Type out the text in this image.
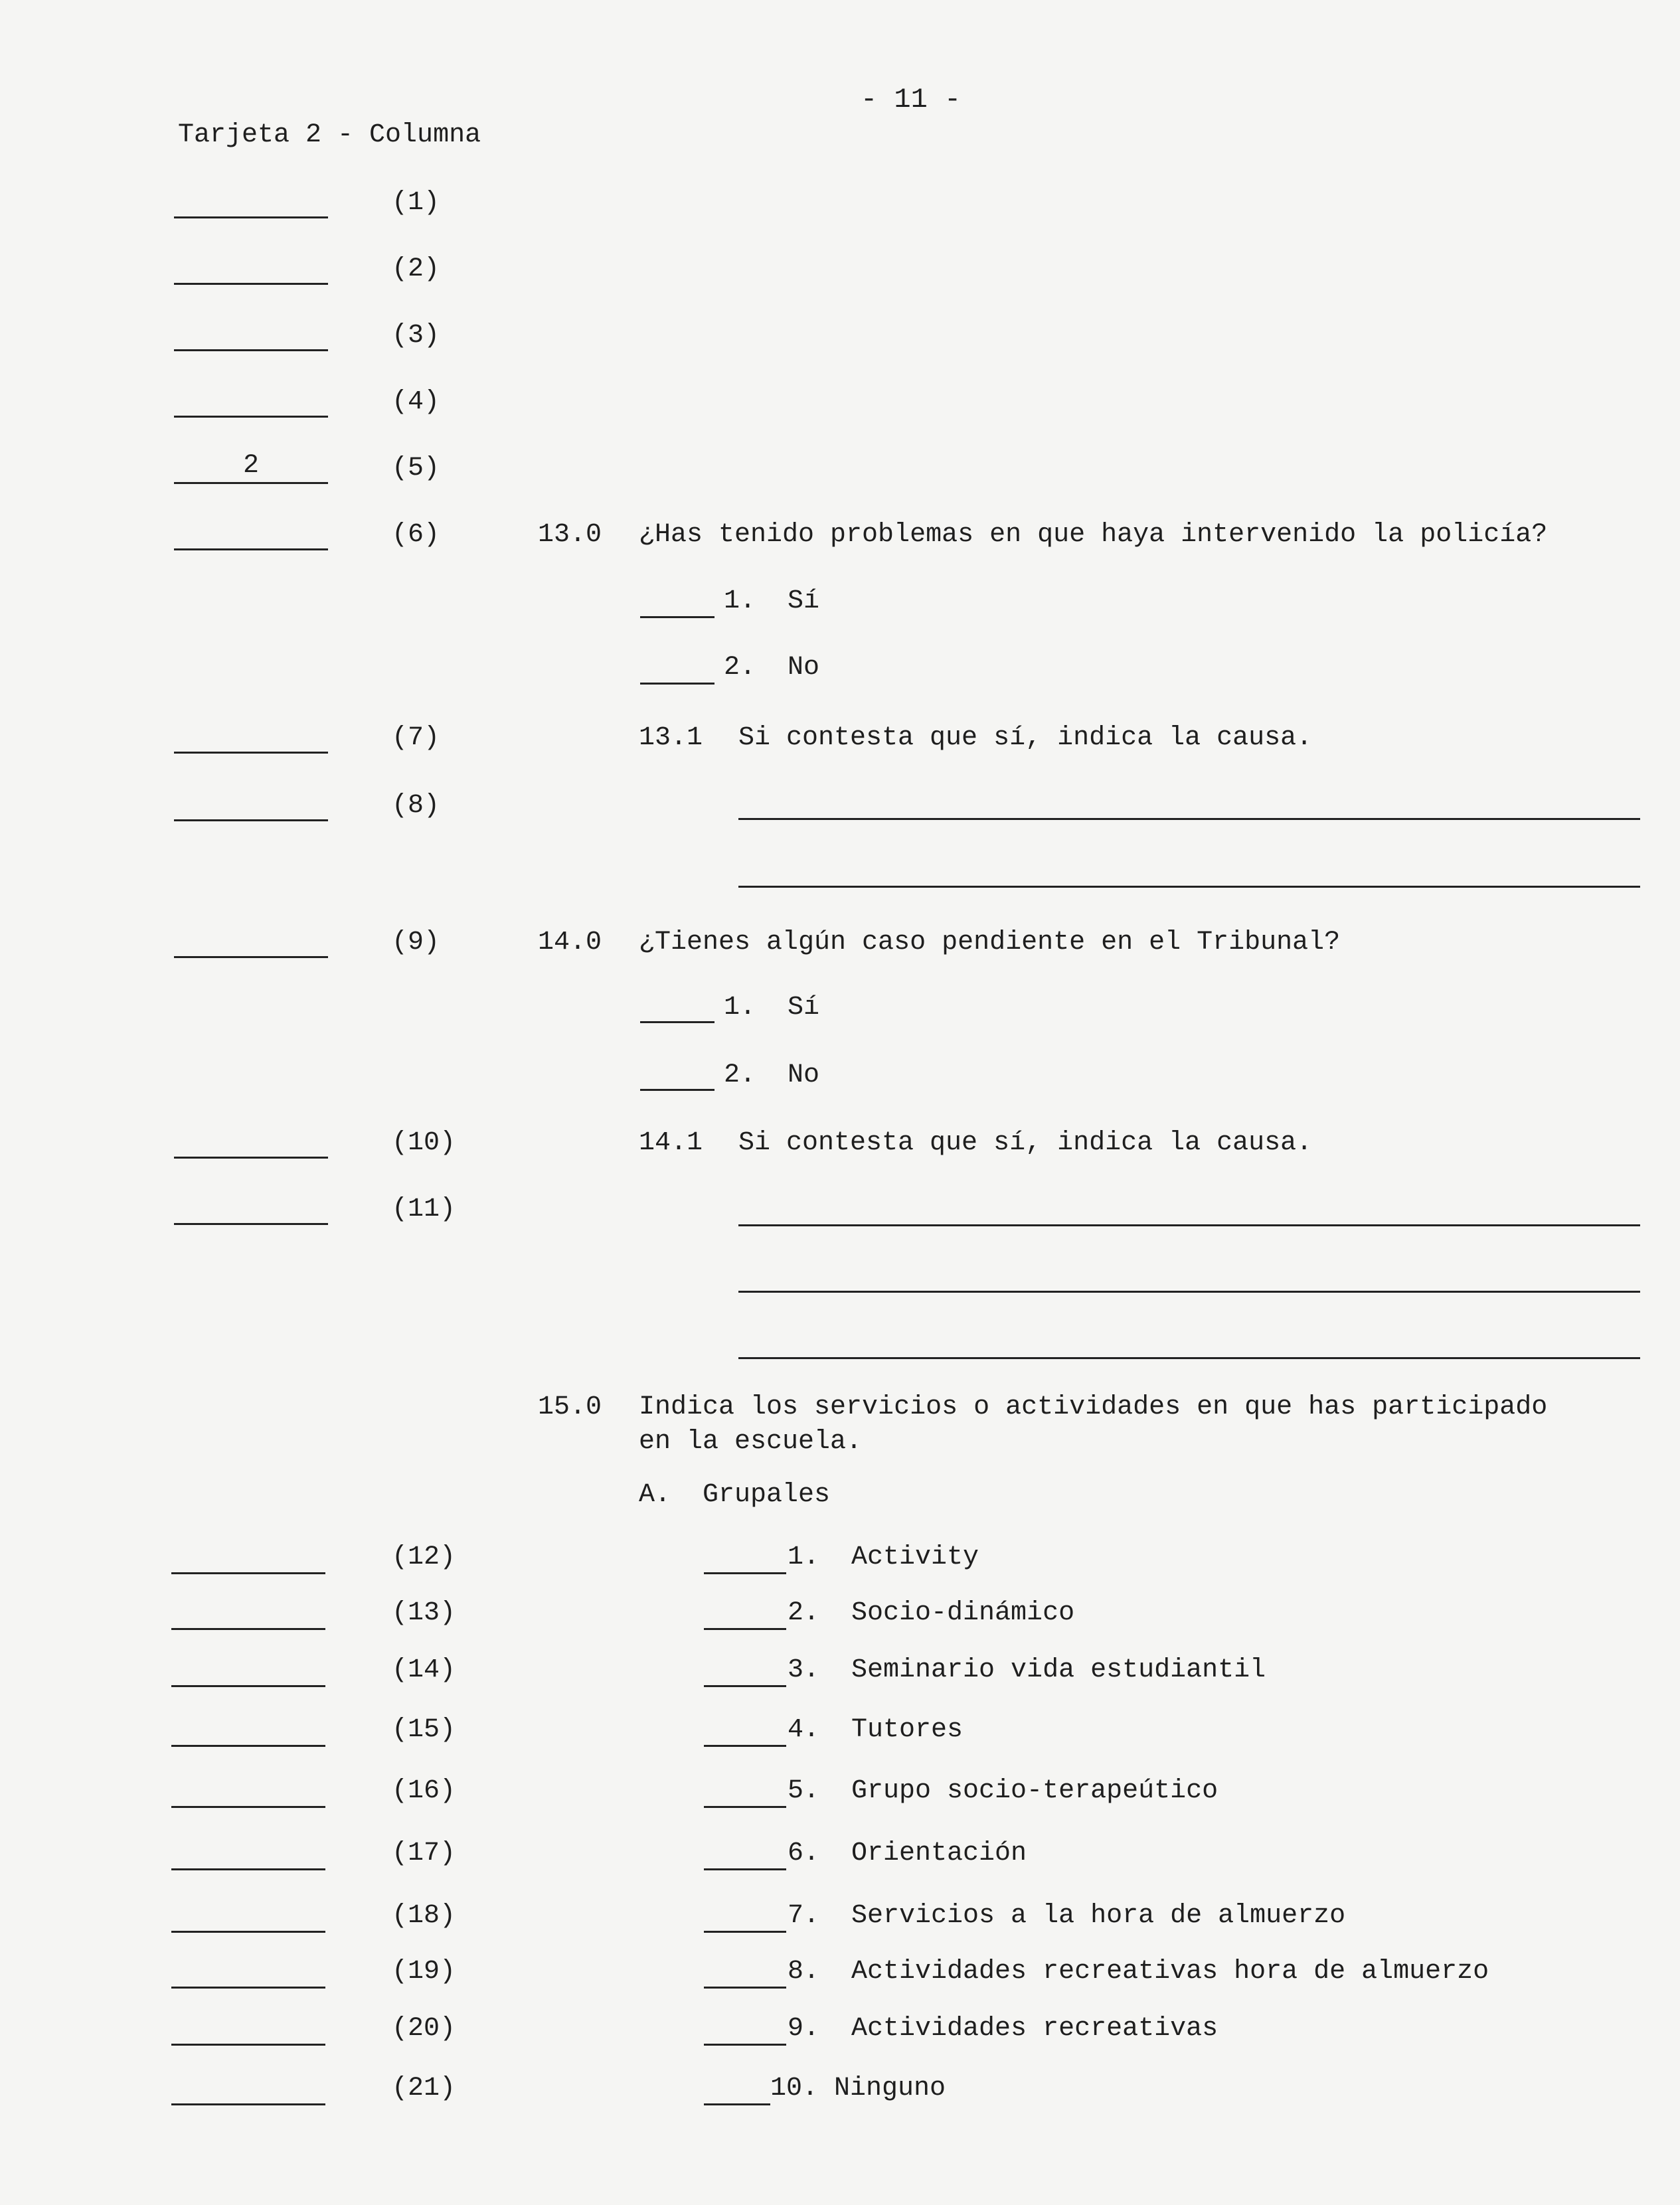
- 11 -
Tarjeta 2 - Columna
(1)
(2)
(3)
(4)
2	(5)
(6)
(7)
(8)
(9)
(10)
(11)
(12)
(13)
(14)
(15)
(16)
(17)
(18)
(19)
(20)
(21)
13.0 ¿Has tenido problemas en que haya intervenido la policía?
1.  Sí
2.  No
13.1 Si contesta que sí, indica la causa.
14.0 ¿Tienes algún caso pendiente en el Tribunal?
1.  Sí
2.  No
14.1 Si contesta que sí, indica la causa.
15.0 Indica los servicios o actividades en que has participado
en la escuela.
A.  Grupales
1.  Activity
2.  Socio-dinámico
3.  Seminario vida estudiantil
4.  Tutores
5.  Grupo socio-terapeútico
6.  Orientación
7.  Servicios a la hora de almuerzo
8.  Actividades recreativas hora de almuerzo
9.  Actividades recreativas
10. Ninguno
